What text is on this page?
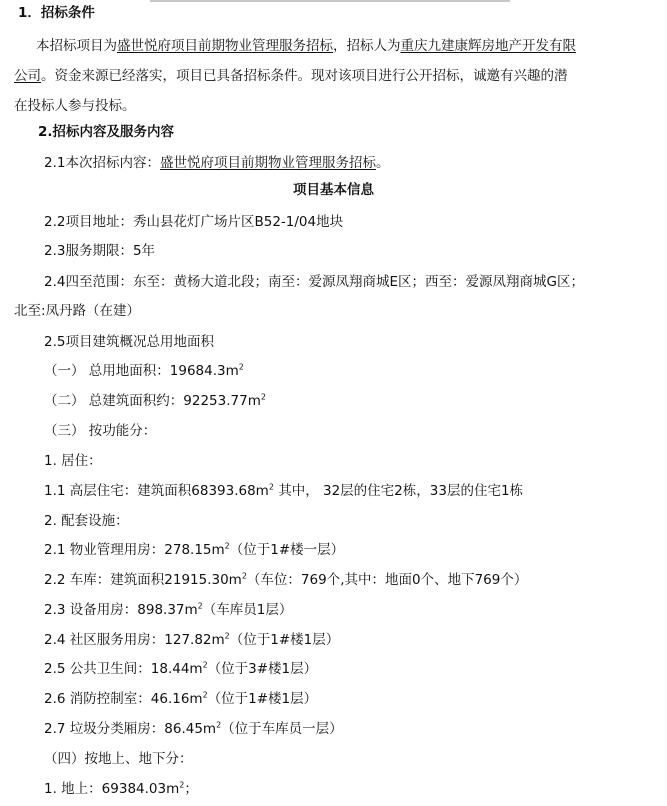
1．招标条件
本招标项目为盛世悦府项目前期物业管理服务招标，招标人为重庆九建康辉房地产开发有限
公司。资金来源已经落实，项目已具备招标条件。现对该项目进行公开招标，诚邀有兴趣的潜
在投标人参与投标。
2.招标内容及服务内容
2.1本次招标内容：盛世悦府项目前期物业管理服务招标。
项目基本信息
2.2项目地址：秀山县花灯广场片区B52-1/04地块
2.3服务期限：5年
2.4四至范围：东至：黄杨大道北段；南至：爱源凤翔商城E区；西至：爱源凤翔商城G区；
北至:凤丹路（在建）
2.5项目建筑概况总用地面积
（一） 总用地面积：$19684.3m^2$
（二） 总建筑面积约：$92253.77m^2$
（三） 按功能分：
1. 居住：
1.1 高层住宅：建筑面积$68393.68m^2$ 其中， 32层的住宅2栋，33层的住宅1栋
2. 配套设施：
2.1 物业管理用房：$278.15m^2$（位于1#楼一层）
2.2 车库：建筑面积$21915.30m^2$（车位：769个,其中：地面0个、地下769个）
2.3 设备用房：$898.37m^2$（车库员1层）
2.4 社区服务用房：$127.82m^2$（位于1#楼1层）
2.5 公共卫生间：$18.44m^2$（位于3#楼1层）
2.6 消防控制室：$46.16m^2$（位于1#楼1层）
2.7 垃圾分类厢房：$86.45m^2$（位于车库员一层）
（四）按地上、地下分：
1. 地上：$69384.03m^2$；
